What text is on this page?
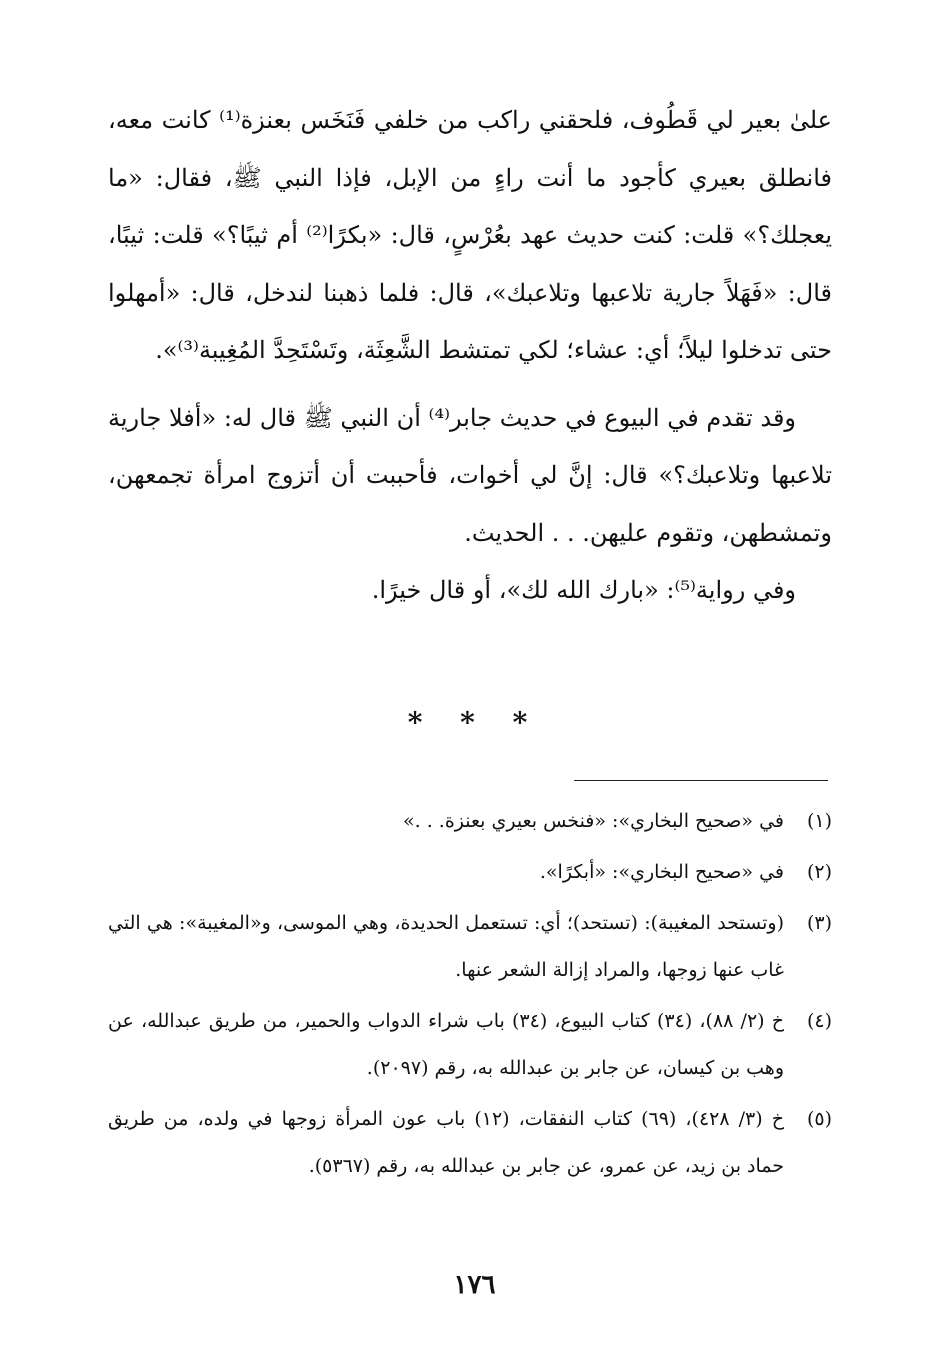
علىٰ بعير لي قَطُوف، فلحقني راكب من خلفي فَنَخَس بعنزة⁽¹⁾ كانت معه، فانطلق بعيري كأجود ما أنت راءٍ من الإبل، فإذا النبي ﷺ، فقال: «ما يعجلك؟» قلت: كنت حديث عهد بعُرْسٍ، قال: «بكرًا⁽²⁾ أم ثيبًا؟» قلت: ثيبًا، قال: «فَهَلاً جارية تلاعبها وتلاعبك»، قال: فلما ذهبنا لندخل، قال: «أمهلوا حتى تدخلوا ليلاً؛ أي: عشاء؛ لكي تمتشط الشَّعِثَة، وتَسْتَحِدَّ المُغِيبة⁽³⁾».

وقد تقدم في البيوع في حديث جابر⁽⁴⁾ أن النبي ﷺ قال له: «أفلا جارية تلاعبها وتلاعبك؟» قال: إنَّ لي أخوات، فأحببت أن أتزوج امرأة تجمعهن، وتمشطهن، وتقوم عليهن. . . الحديث.

وفي رواية⁽⁵⁾: «بارك الله لك»، أو قال خيرًا.

* * *
(١)
في «صحيح البخاري»: «فنخس بعيري بعنزة. . .»
(٢)
في «صحيح البخاري»: «أبكرًا».
(٣)
(وتستحد المغيبة): (تستحد)؛ أي: تستعمل الحديدة، وهي الموسى، و«المغيبة»: هي التي غاب عنها زوجها، والمراد إزالة الشعر عنها.
(٤)
خ (٢/ ٨٨)، (٣٤) كتاب البيوع، (٣٤) باب شراء الدواب والحمير، من طريق عبدالله، عن وهب بن كيسان، عن جابر بن عبدالله به، رقم (٢٠٩٧).
(٥)
خ (٣/ ٤٢٨)، (٦٩) كتاب النفقات، (١٢) باب عون المرأة زوجها في ولده، من طريق حماد بن زيد، عن عمرو، عن جابر بن عبدالله به، رقم (٥٣٦٧).
١٧٦
